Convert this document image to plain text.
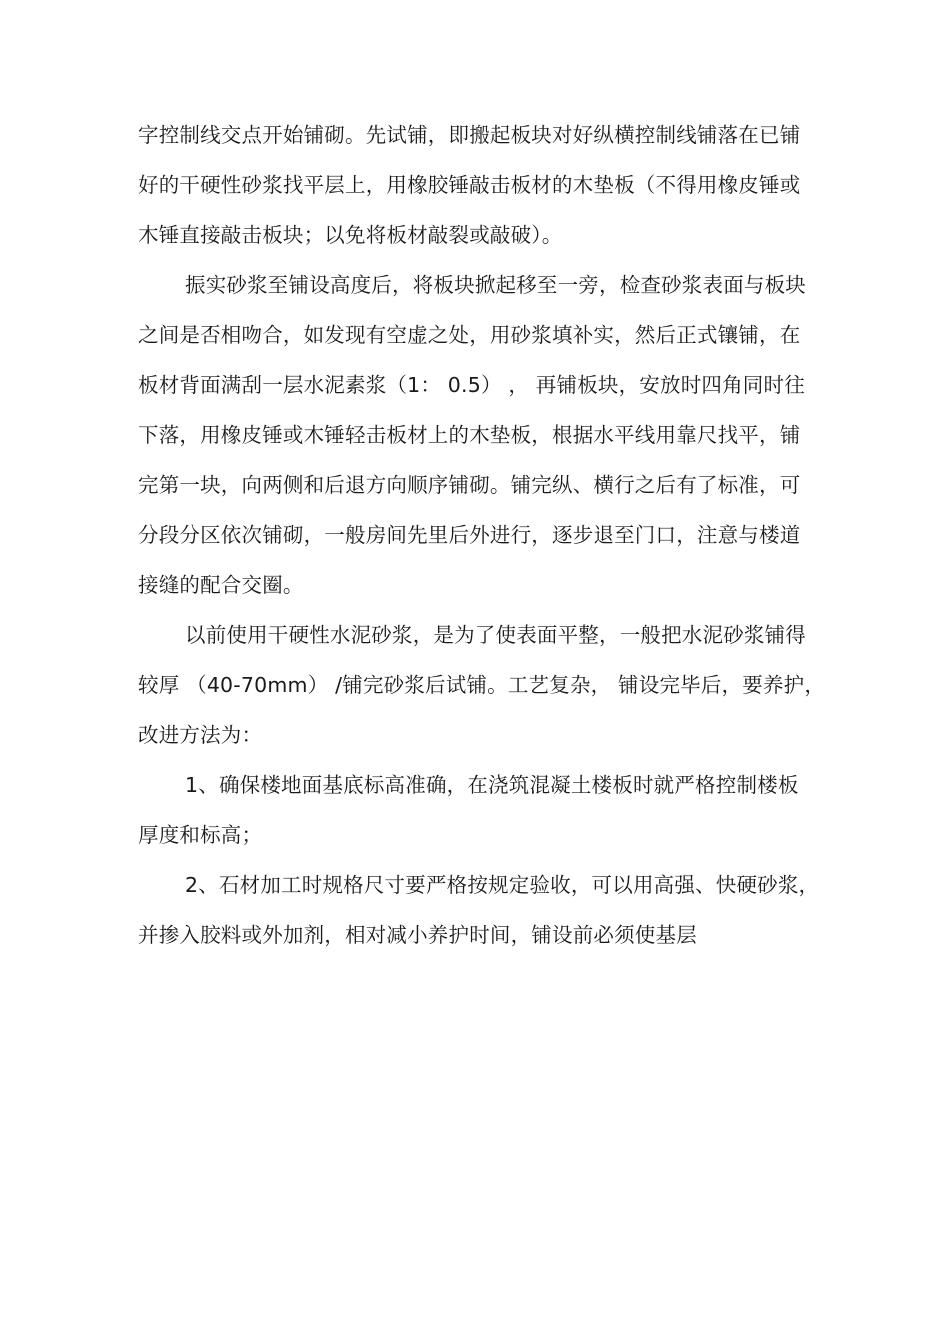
字控制线交点开始铺砌。先试铺，即搬起板块对好纵横控制线铺落在已铺
好的干硬性砂浆找平层上，用橡胶锤敲击板材的木垫板（不得用橡皮锤或
木锤直接敲击板块；以免将板材敲裂或敲破）。
振实砂浆至铺设高度后，将板块掀起移至一旁，检查砂浆表面与板块
之间是否相吻合，如发现有空虚之处，用砂浆填补实，然后正式镶铺，在
板材背面满刮一层水泥素浆（1： 0.5） ， 再铺板块，安放时四角同时往
下落，用橡皮锤或木锤轻击板材上的木垫板，根据水平线用靠尺找平，铺
完第一块，向两侧和后退方向顺序铺砌。铺完纵、横行之后有了标准，可
分段分区依次铺砌，一般房间先里后外进行，逐步退至门口，注意与楼道
接缝的配合交圈。
以前使用干硬性水泥砂浆，是为了使表面平整，一般把水泥砂浆铺得
较厚 （40-70mm） /铺完砂浆后试铺。工艺复杂， 铺设完毕后，要养护，
改进方法为：
1、确保楼地面基底标高准确，在浇筑混凝土楼板时就严格控制楼板
厚度和标高；
2、石材加工时规格尺寸要严格按规定验收，可以用高强、快硬砂浆，
并掺入胶料或外加剂，相对减小养护时间，铺设前必须使基层
